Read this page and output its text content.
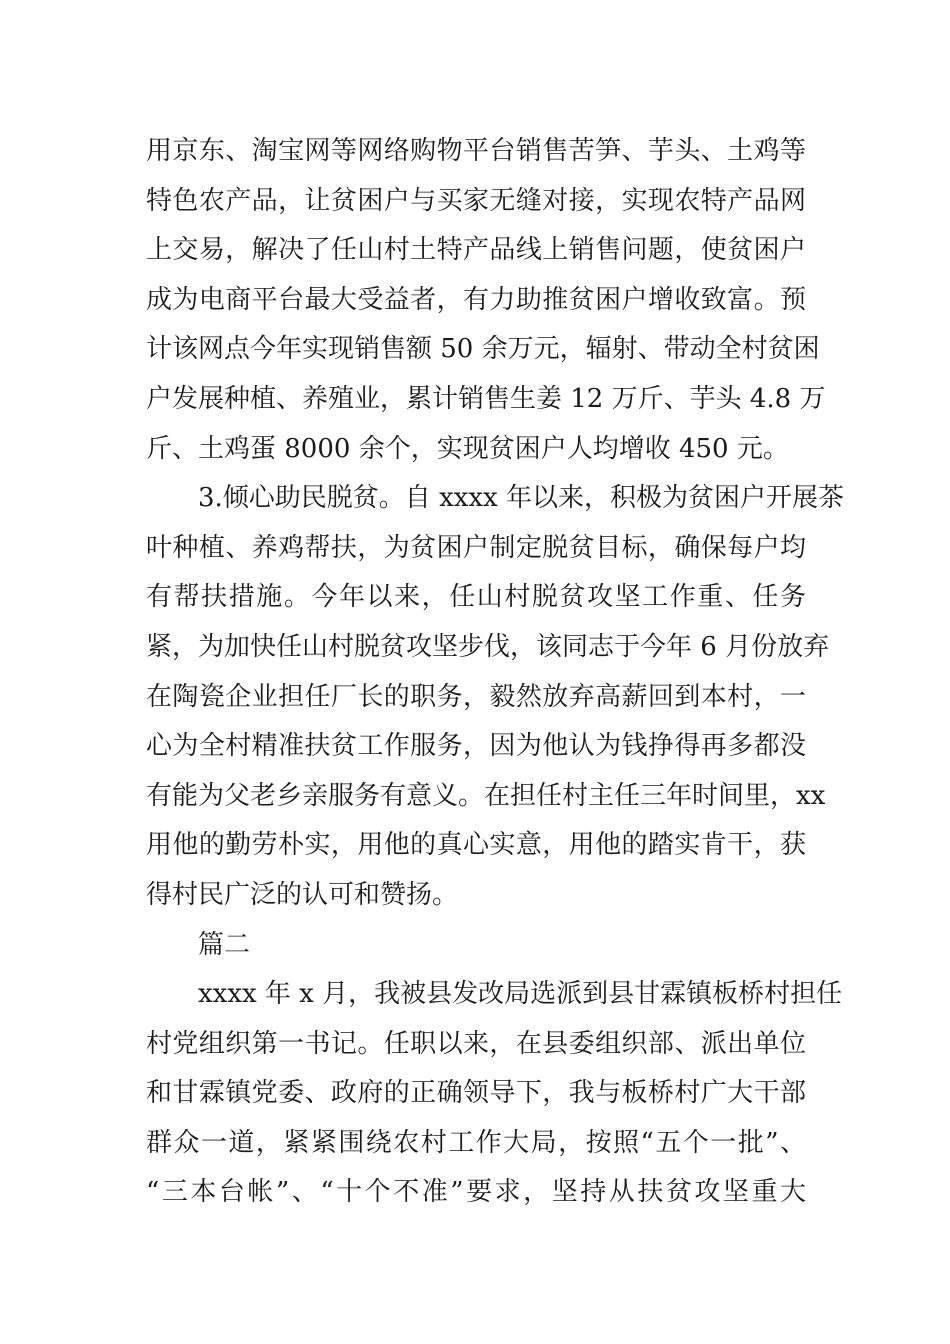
用京东、淘宝网等网络购物平台销售苦笋、芋头、土鸡等
特色农产品，让贫困户与买家无缝对接，实现农特产品网
上交易，解决了任山村土特产品线上销售问题，使贫困户
成为电商平台最大受益者，有力助推贫困户增收致富。预
计该网点今年实现销售额 50 余万元，辐射、带动全村贫困
户发展种植、养殖业，累计销售生姜 12 万斤、芋头 4.8 万
斤、土鸡蛋 8000 余个，实现贫困户人均增收 450 元。
3.倾心助民脱贫。自 xxxx 年以来，积极为贫困户开展茶
叶种植、养鸡帮扶，为贫困户制定脱贫目标，确保每户均
有帮扶措施。今年以来，任山村脱贫攻坚工作重、任务
紧，为加快任山村脱贫攻坚步伐，该同志于今年 6 月份放弃
在陶瓷企业担任厂长的职务，毅然放弃高薪回到本村，一
心为全村精准扶贫工作服务，因为他认为钱挣得再多都没
有能为父老乡亲服务有意义。在担任村主任三年时间里，xx
用他的勤劳朴实，用他的真心实意，用他的踏实肯干，获
得村民广泛的认可和赞扬。
篇二
xxxx 年 x 月，我被县发改局选派到县甘霖镇板桥村担任
村党组织第一书记。任职以来，在县委组织部、派出单位
和甘霖镇党委、政府的正确领导下，我与板桥村广大干部
群众一道，紧紧围绕农村工作大局，按照“五个一批”、
“三本台帐”、“十个不准”要求，坚持从扶贫攻坚重大
